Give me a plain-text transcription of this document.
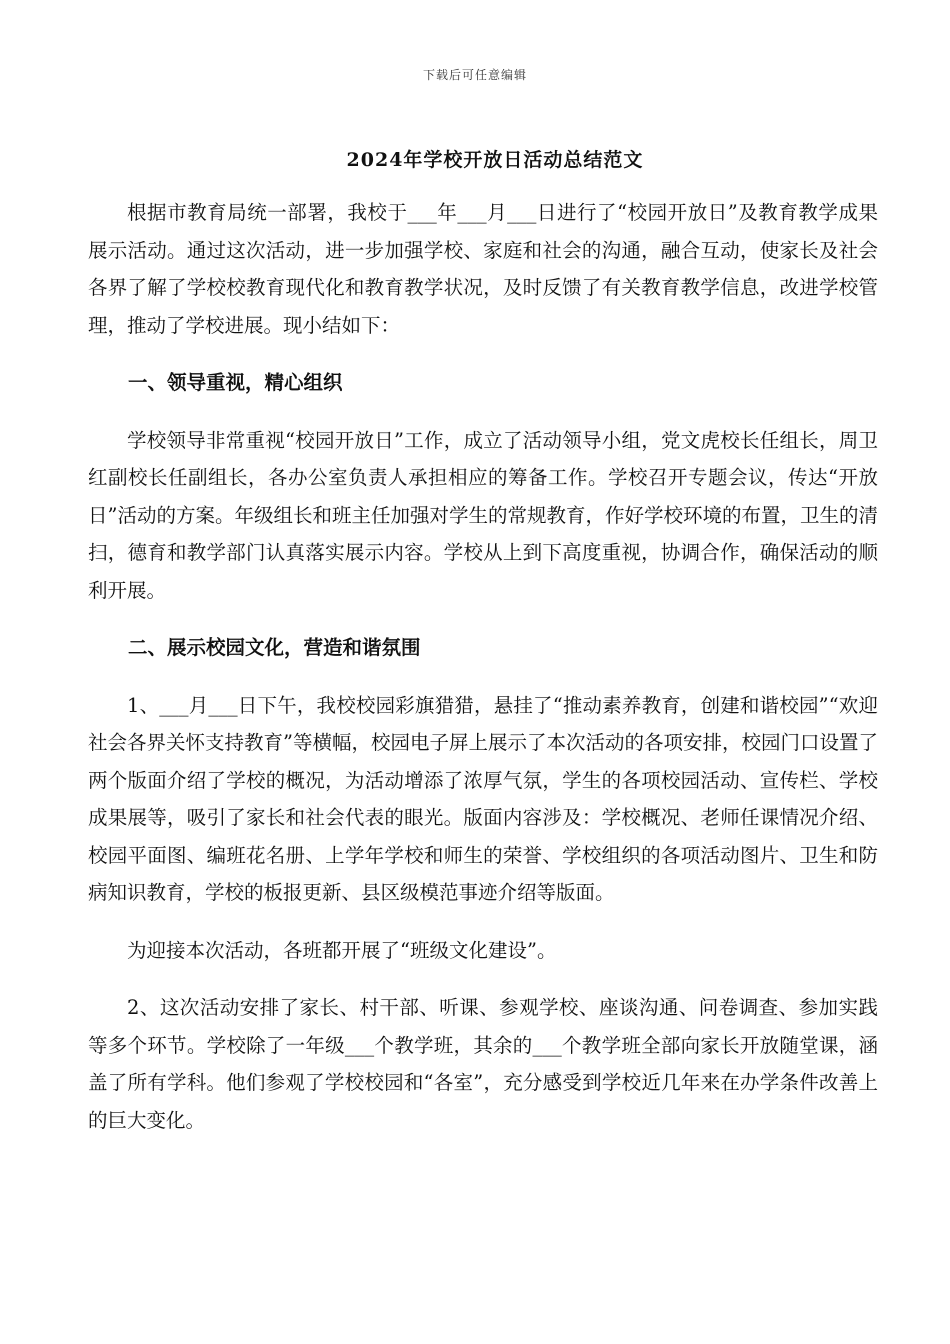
下载后可任意编辑
2024年学校开放日活动总结范文

根据市教育局统一部署，我校于___年___月___日进行了“校园开放日”及教育教学成果展示活动。通过这次活动，进一步加强学校、家庭和社会的沟通，融合互动，使家长及社会各界了解了学校校教育现代化和教育教学状况，及时反馈了有关教育教学信息，改进学校管理，推动了学校进展。现小结如下：

一、领导重视，精心组织

学校领导非常重视“校园开放日”工作，成立了活动领导小组，党文虎校长任组长，周卫红副校长任副组长，各办公室负责人承担相应的筹备工作。学校召开专题会议，传达“开放日”活动的方案。年级组长和班主任加强对学生的常规教育，作好学校环境的布置，卫生的清扫，德育和教学部门认真落实展示内容。学校从上到下高度重视，协调合作，确保活动的顺利开展。

二、展示校园文化，营造和谐氛围

1、___月___日下午，我校校园彩旗猎猎，悬挂了“推动素养教育，创建和谐校园”“欢迎社会各界关怀支持教育”等横幅，校园电子屏上展示了本次活动的各项安排，校园门口设置了两个版面介绍了学校的概况，为活动增添了浓厚气氛，学生的各项校园活动、宣传栏、学校成果展等，吸引了家长和社会代表的眼光。版面内容涉及：学校概况、老师任课情况介绍、校园平面图、编班花名册、上学年学校和师生的荣誉、学校组织的各项活动图片、卫生和防病知识教育，学校的板报更新、县区级模范事迹介绍等版面。

为迎接本次活动，各班都开展了“班级文化建设”。

2、这次活动安排了家长、村干部、听课、参观学校、座谈沟通、问卷调查、参加实践等多个环节。学校除了一年级___个教学班，其余的___个教学班全部向家长开放随堂课，涵盖了所有学科。他们参观了学校校园和“各室”，充分感受到学校近几年来在办学条件改善上的巨大变化。
